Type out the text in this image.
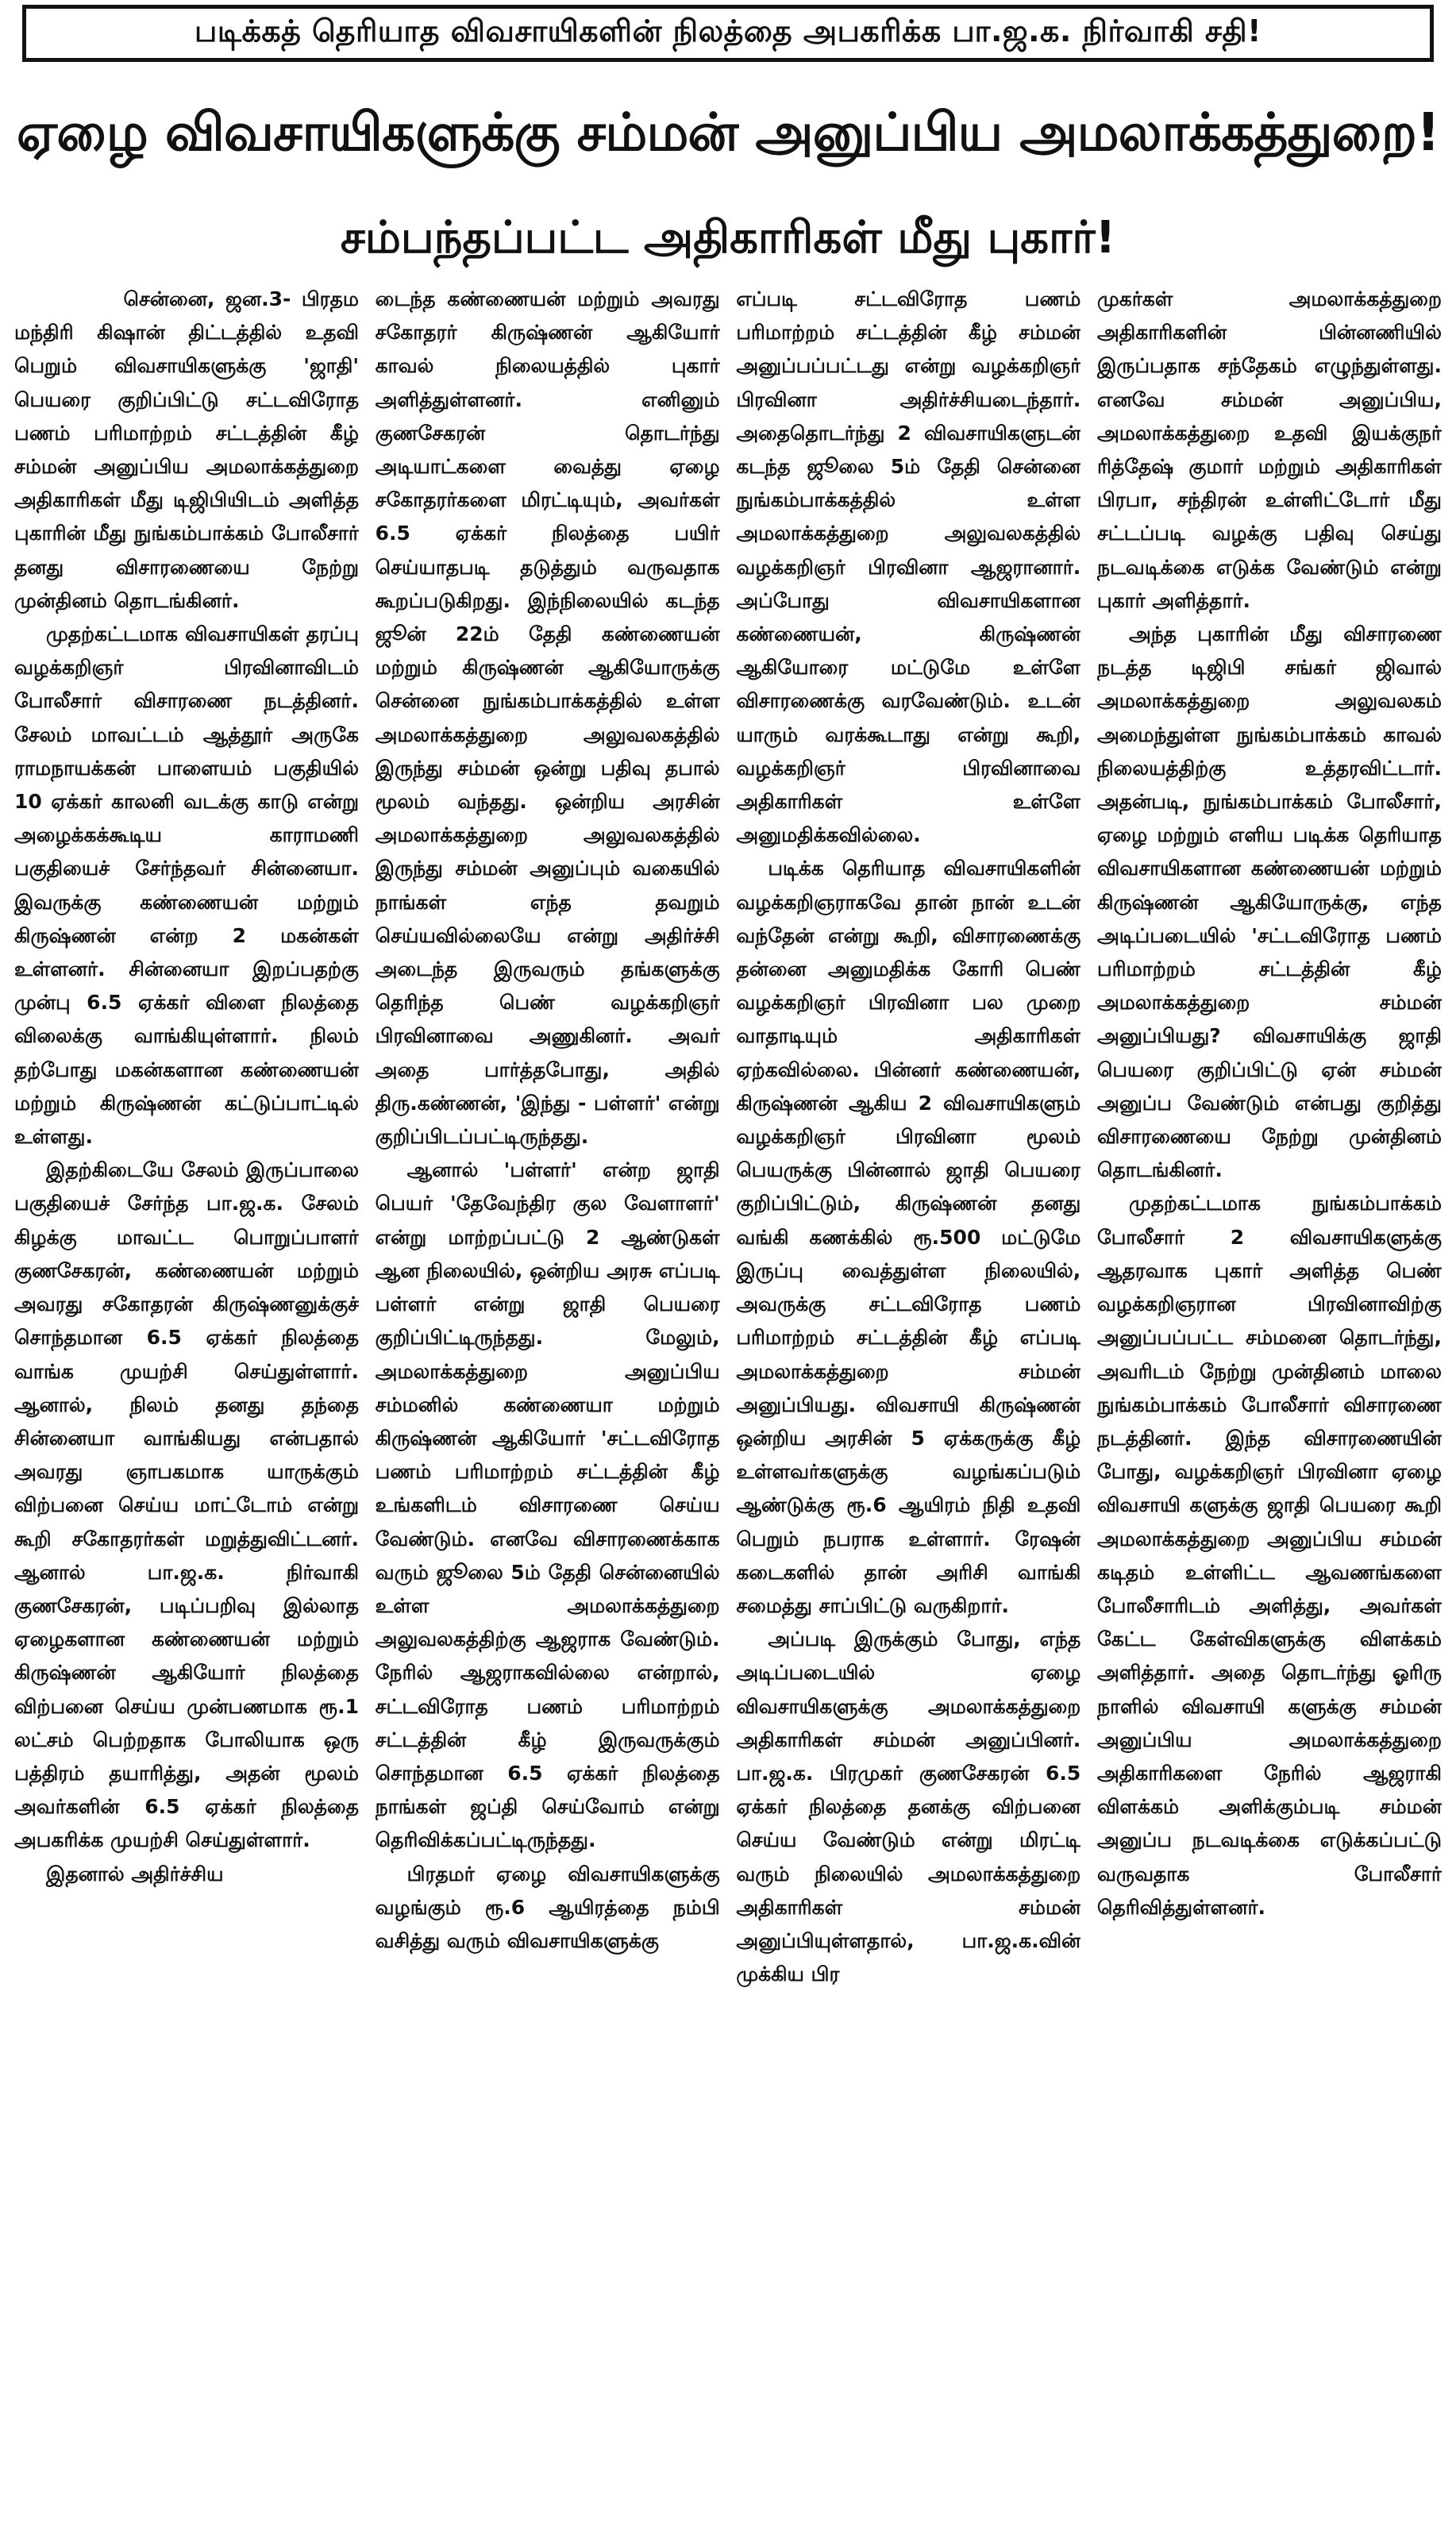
படிக்கத் தெரியாத விவசாயிகளின் நிலத்தை அபகரிக்க பா.ஜ.க. நிர்வாகி சதி!
ஏழை விவசாயிகளுக்கு சம்மன் அனுப்பிய அமலாக்கத்துறை!
சம்பந்தப்பட்ட அதிகாரிகள் மீது புகார்!

சென்னை, ஜன.3- பிரதம மந்திரி கிஷான் திட்டத்தில் உதவி பெறும் விவசாயிகளுக்கு 'ஜாதி' பெயரை குறிப்பிட்டு சட்டவிரோத பணம் பரிமாற்றம் சட்டத்தின் கீழ் சம்மன் அனுப்பிய அமலாக்கத்துறை அதிகாரிகள் மீது டிஜிபியிடம் அளித்த புகாரின் மீது நுங்கம்பாக்கம் போலீசார் தனது விசாரணையை நேற்று முன்தினம் தொடங்கினர்.

முதற்கட்டமாக விவசாயிகள் தரப்பு வழக்கறிஞர் பிரவினாவிடம் போலீசார் விசாரணை நடத்தினர். சேலம் மாவட்டம் ஆத்தூர் அருகே ராமநாயக்கன் பாளையம் பகுதியில் 10 ஏக்கர் காலனி வடக்கு காடு என்று அழைக்கக்கூடிய காராமணி பகுதியைச் சேர்ந்தவர் சின்னையா. இவருக்கு கண்ணையன் மற்றும் கிருஷ்ணன் என்ற 2 மகன்கள் உள்ளனர். சின்னையா இறப்பதற்கு முன்பு 6.5 ஏக்கர் விளை நிலத்தை விலைக்கு வாங்கியுள்ளார். நிலம் தற்போது மகன்களான கண்ணையன் மற்றும் கிருஷ்ணன் கட்டுப்பாட்டில் உள்ளது.

இதற்கிடையே சேலம் இருப்பாலை பகுதியைச் சேர்ந்த பா.ஜ.க. சேலம் கிழக்கு மாவட்ட பொறுப்பாளர் குணசேகரன், கண்ணையன் மற்றும் அவரது சகோதரன் கிருஷ்ணனுக்குச் சொந்தமான 6.5 ஏக்கர் நிலத்தை வாங்க முயற்சி செய்துள்ளார். ஆனால், நிலம் தனது தந்தை சின்னையா வாங்கியது என்பதால் அவரது ஞாபகமாக யாருக்கும் விற்பனை செய்ய மாட்டோம் என்று கூறி சகோதரர்கள் மறுத்துவிட்டனர். ஆனால் பா.ஜ.க. நிர்வாகி குணசேகரன், படிப்பறிவு இல்லாத ஏழைகளான கண்ணையன் மற்றும் கிருஷ்ணன் ஆகியோர் நிலத்தை விற்பனை செய்ய முன்பணமாக ரூ.1 லட்சம் பெற்றதாக போலியாக ஒரு பத்திரம் தயாரித்து, அதன் மூலம் அவர்களின் 6.5 ஏக்கர் நிலத்தை அபகரிக்க முயற்சி செய்துள்ளார்.

இதனால் அதிர்ச்சிய

டைந்த கண்ணையன் மற்றும் அவரது சகோதரர் கிருஷ்ணன் ஆகியோர் காவல் நிலையத்தில் புகார் அளித்துள்ளனர். எனினும் குணசேகரன் தொடர்ந்து அடியாட்களை வைத்து ஏழை சகோதரர்களை மிரட்டியும், அவர்கள் 6.5 ஏக்கர் நிலத்தை பயிர் செய்யாதபடி தடுத்தும் வருவதாக கூறப்படுகிறது. இந்நிலையில் கடந்த ஜூன் 22ம் தேதி கண்ணையன் மற்றும் கிருஷ்ணன் ஆகியோருக்கு சென்னை நுங்கம்பாக்கத்தில் உள்ள அமலாக்கத்துறை அலுவலகத்தில் இருந்து சம்மன் ஒன்று பதிவு தபால் மூலம் வந்தது. ஒன்றிய அரசின் அமலாக்கத்துறை அலுவலகத்தில் இருந்து சம்மன் அனுப்பும் வகையில் நாங்கள் எந்த தவறும் செய்யவில்லையே என்று அதிர்ச்சி அடைந்த இருவரும் தங்களுக்கு தெரிந்த பெண் வழக்கறிஞர் பிரவினாவை அணுகினர். அவர் அதை பார்த்தபோது, அதில் திரு.கண்ணன், 'இந்து - பள்ளர்' என்று குறிப்பிடப்பட்டிருந்தது.

ஆனால் 'பள்ளர்' என்ற ஜாதி பெயர் 'தேவேந்திர குல வேளாளர்' என்று மாற்றப்பட்டு 2 ஆண்டுகள் ஆன நிலையில், ஒன்றிய அரசு எப்படி பள்ளர் என்று ஜாதி பெயரை குறிப்பிட்டிருந்தது. மேலும், அமலாக்கத்துறை அனுப்பிய சம்மனில் கண்ணையா மற்றும் கிருஷ்ணன் ஆகியோர் 'சட்டவிரோத பணம் பரிமாற்றம் சட்டத்தின் கீழ் உங்களிடம் விசாரணை செய்ய வேண்டும். எனவே விசாரணைக்காக வரும் ஜூலை 5ம் தேதி சென்னையில் உள்ள அமலாக்கத்துறை அலுவலகத்திற்கு ஆஜராக வேண்டும். நேரில் ஆஜராகவில்லை என்றால், சட்டவிரோத பணம் பரிமாற்றம் சட்டத்தின் கீழ் இருவருக்கும் சொந்தமான 6.5 ஏக்கர் நிலத்தை நாங்கள் ஜப்தி செய்வோம் என்று தெரிவிக்கப்பட்டிருந்தது.

பிரதமர் ஏழை விவசாயிகளுக்கு வழங்கும் ரூ.6 ஆயிரத்தை நம்பி வசித்து வரும் விவசாயிகளுக்கு

எப்படி சட்டவிரோத பணம் பரிமாற்றம் சட்டத்தின் கீழ் சம்மன் அனுப்பப்பட்டது என்று வழக்கறிஞர் பிரவினா அதிர்ச்சியடைந்தார். அதைதொடர்ந்து 2 விவசாயிகளுடன் கடந்த ஜூலை 5ம் தேதி சென்னை நுங்கம்பாக்கத்தில் உள்ள அமலாக்கத்துறை அலுவலகத்தில் வழக்கறிஞர் பிரவினா ஆஜரானார். அப்போது விவசாயிகளான கண்ணையன், கிருஷ்ணன் ஆகியோரை மட்டுமே உள்ளே விசாரணைக்கு வரவேண்டும். உடன் யாரும் வரக்கூடாது என்று கூறி, வழக்கறிஞர் பிரவினாவை அதிகாரிகள் உள்ளே அனுமதிக்கவில்லை.

படிக்க தெரியாத விவசாயிகளின் வழக்கறிஞராகவே தான் நான் உடன் வந்தேன் என்று கூறி, விசாரணைக்கு தன்னை அனுமதிக்க கோரி பெண் வழக்கறிஞர் பிரவினா பல முறை வாதாடியும் அதிகாரிகள் ஏற்கவில்லை. பின்னர் கண்ணையன், கிருஷ்ணன் ஆகிய 2 விவசாயிகளும் வழக்கறிஞர் பிரவினா மூலம் பெயருக்கு பின்னால் ஜாதி பெயரை குறிப்பிட்டும், கிருஷ்ணன் தனது வங்கி கணக்கில் ரூ.500 மட்டுமே இருப்பு வைத்துள்ள நிலையில், அவருக்கு சட்டவிரோத பணம் பரிமாற்றம் சட்டத்தின் கீழ் எப்படி அமலாக்கத்துறை சம்மன் அனுப்பியது. விவசாயி கிருஷ்ணன் ஒன்றிய அரசின் 5 ஏக்கருக்கு கீழ் உள்ளவர்களுக்கு வழங்கப்படும் ஆண்டுக்கு ரூ.6 ஆயிரம் நிதி உதவி பெறும் நபராக உள்ளார். ரேஷன் கடைகளில் தான் அரிசி வாங்கி சமைத்து சாப்பிட்டு வருகிறார்.

அப்படி இருக்கும் போது, எந்த அடிப்படையில் ஏழை விவசாயிகளுக்கு அமலாக்கத்துறை அதிகாரிகள் சம்மன் அனுப்பினர். பா.ஜ.க. பிரமுகர் குணசேகரன் 6.5 ஏக்கர் நிலத்தை தனக்கு விற்பனை செய்ய வேண்டும் என்று மிரட்டி வரும் நிலையில் அமலாக்கத்துறை அதிகாரிகள் சம்மன் அனுப்பியுள்ளதால், பா.ஜ.க.வின் முக்கிய பிர

முகர்கள் அமலாக்கத்துறை அதிகாரிகளின் பின்னணியில் இருப்பதாக சந்தேகம் எழுந்துள்ளது. எனவே சம்மன் அனுப்பிய, அமலாக்கத்துறை உதவி இயக்குநர் ரித்தேஷ் குமார் மற்றும் அதிகாரிகள் பிரபா, சந்திரன் உள்ளிட்டோர் மீது சட்டப்படி வழக்கு பதிவு செய்து நடவடிக்கை எடுக்க வேண்டும் என்று புகார் அளித்தார்.

அந்த புகாரின் மீது விசாரணை நடத்த டிஜிபி சங்கர் ஜிவால் அமலாக்கத்துறை அலுவலகம் அமைந்துள்ள நுங்கம்பாக்கம் காவல் நிலையத்திற்கு உத்தரவிட்டார். அதன்படி, நுங்கம்பாக்கம் போலீசார், ஏழை மற்றும் எளிய படிக்க தெரியாத விவசாயிகளான கண்ணையன் மற்றும் கிருஷ்ணன் ஆகியோருக்கு, எந்த அடிப்படையில் 'சட்டவிரோத பணம் பரிமாற்றம் சட்டத்தின் கீழ் அமலாக்கத்துறை சம்மன் அனுப்பியது? விவசாயிக்கு ஜாதி பெயரை குறிப்பிட்டு ஏன் சம்மன் அனுப்ப வேண்டும் என்பது குறித்து விசாரணையை நேற்று முன்தினம் தொடங்கினர்.

முதற்கட்டமாக நுங்கம்பாக்கம் போலீசார் 2 விவசாயிகளுக்கு ஆதரவாக புகார் அளித்த பெண் வழக்கறிஞரான பிரவினாவிற்கு அனுப்பப்பட்ட சம்மனை தொடர்ந்து, அவரிடம் நேற்று முன்தினம் மாலை நுங்கம்பாக்கம் போலீசார் விசாரணை நடத்தினர். இந்த விசாரணையின் போது, வழக்கறிஞர் பிரவினா ஏழை விவசாயி களுக்கு ஜாதி பெயரை கூறி அமலாக்கத்துறை அனுப்பிய சம்மன் கடிதம் உள்ளிட்ட ஆவணங்களை போலீசாரிடம் அளித்து, அவர்கள் கேட்ட கேள்விகளுக்கு விளக்கம் அளித்தார். அதை தொடர்ந்து ஓரிரு நாளில் விவசாயி களுக்கு சம்மன் அனுப்பிய அமலாக்கத்துறை அதிகாரிகளை நேரில் ஆஜராகி விளக்கம் அளிக்கும்படி சம்மன் அனுப்ப நடவடிக்கை எடுக்கப்பட்டு வருவதாக போலீசார் தெரிவித்துள்ளனர்.
